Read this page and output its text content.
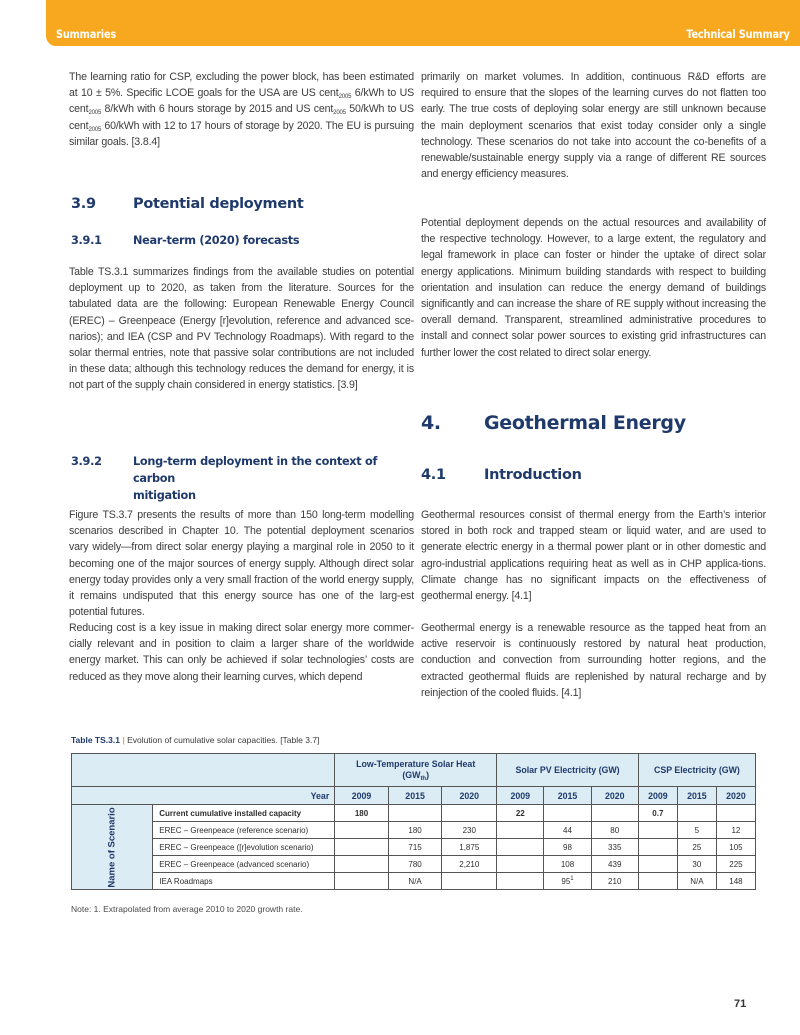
Summaries	Technical Summary

The learning ratio for CSP, excluding the power block, has been estimated at 10 ± 5%. Specific LCOE goals for the USA are US cent$_{2005}$ 6/kWh to US cent$_{2005}$ 8/kWh with 6 hours storage by 2015 and US cent$_{2005}$ 50/kWh to US cent$_{2005}$ 60/kWh with 12 to 17 hours of storage by 2020. The EU is pursuing similar goals. [3.8.4]

3.9	Potential deployment
3.9.1	Near-term (2020) forecasts

Table TS.3.1 summarizes findings from the available studies on potential deployment up to 2020, as taken from the literature. Sources for the tabulated data are the following: European Renewable Energy Council (EREC) – Greenpeace (Energy [r]evolution, reference and advanced sce-narios); and IEA (CSP and PV Technology Roadmaps). With regard to the solar thermal entries, note that passive solar contributions are not included in these data; although this technology reduces the demand for energy, it is not part of the supply chain considered in energy statistics. [3.9]

3.9.2	Long-term deployment in the context of carbon
mitigation

Figure TS.3.7 presents the results of more than 150 long-term modelling scenarios described in Chapter 10. The potential deployment scenarios vary widely—from direct solar energy playing a marginal role in 2050 to it becoming one of the major sources of energy supply. Although direct solar energy today provides only a very small fraction of the world energy supply, it remains undisputed that this energy source has one of the larg-est potential futures.

Reducing cost is a key issue in making direct solar energy more commer-cially relevant and in position to claim a larger share of the worldwide energy market. This can only be achieved if solar technologies’ costs are reduced as they move along their learning curves, which depend

primarily on market volumes. In addition, continuous R&D efforts are required to ensure that the slopes of the learning curves do not flatten too early. The true costs of deploying solar energy are still unknown because the main deployment scenarios that exist today consider only a single technology. These scenarios do not take into account the co-benefits of a renewable/sustainable energy supply via a range of different RE sources and energy efficiency measures.

Potential deployment depends on the actual resources and availability of the respective technology. However, to a large extent, the regulatory and legal framework in place can foster or hinder the uptake of direct solar energy applications. Minimum building standards with respect to building orientation and insulation can reduce the energy demand of buildings significantly and can increase the share of RE supply without increasing the overall demand. Transparent, streamlined administrative procedures to install and connect solar power sources to existing grid infrastructures can further lower the cost related to direct solar energy.

4. Geothermal Energy
4.1	Introduction

Geothermal resources consist of thermal energy from the Earth’s interior stored in both rock and trapped steam or liquid water, and are used to generate electric energy in a thermal power plant or in other domestic and agro-industrial applications requiring heat as well as in CHP applica-tions. Climate change has no significant impacts on the effectiveness of geothermal energy. [4.1]

Geothermal energy is a renewable resource as the tapped heat from an active reservoir is continuously restored by natural heat production, conduction and convection from surrounding hotter regions, and the extracted geothermal fluids are replenished by natural recharge and by reinjection of the cooled fluids. [4.1]

Table TS.3.1 | Evolution of cumulative solar capacities. [Table 3.7]
		Low-Temperature Solar Heat
$(GW_{th})$			Solar PV Electricity (GW)			CSP Electricity (GW)		
Year		2009	2015	2020	2009	2015	2020	2009	2015	2020
Name of Scenario	Current cumulative installed capacity	180			22			0.7		
	EREC – Greenpeace (reference scenario)		180	230		44	80		5	12
	EREC – Greenpeace ([r]evolution scenario)		715	1,875		98	335		25	105
	EREC – Greenpeace (advanced scenario)		780	2,210		108	439		30	225
	IEA Roadmaps		N/A			$95^1$	210		N/A	148
Note: 1. Extrapolated from average 2010 to 2020 growth rate.
71
